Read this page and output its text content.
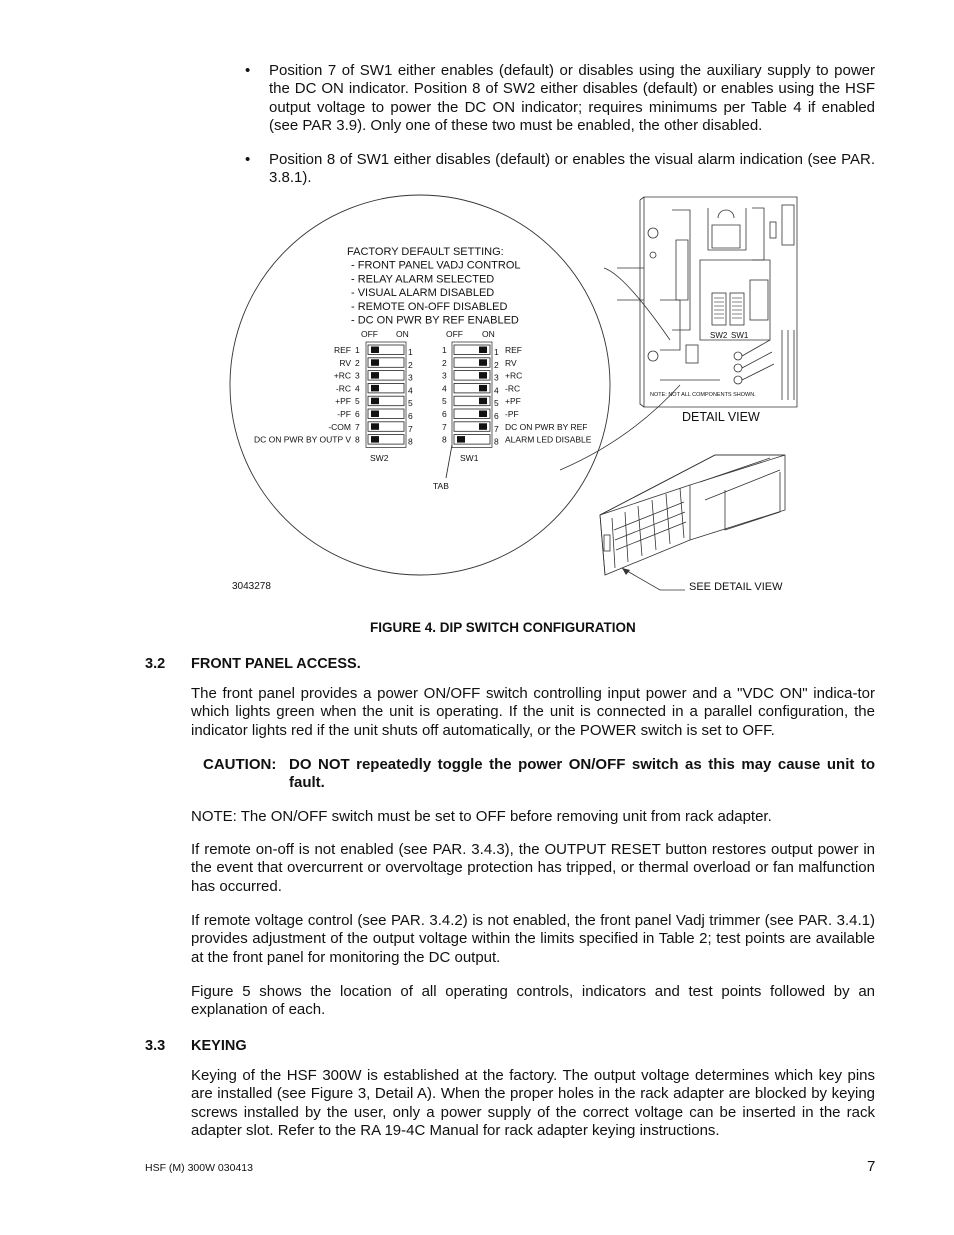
• Position 7 of SW1 either enables (default) or disables using the auxiliary supply to power the DC ON indicator. Position 8 of SW2 either disables (default) or enables using the HSF output voltage to power the DC ON indicator; requires minimums per Table 4 if enabled (see PAR 3.9). Only one of these two must be enabled, the other disabled.
• Position 8 of SW1 either disables (default) or enables the visual alarm indication (see PAR. 3.8.1).
FACTORY DEFAULT SETTING:
- FRONT PANEL VADJ CONTROL
- RELAY ALARM SELECTED
- VISUAL ALARM DISABLED
- REMOTE ON-OFF DISABLED
- DC ON PWR BY REF ENABLED
OFF ON	OFF ON
1	1
REF
2	2
RV
3	3
+RC
4	4
-RC
5	5
+PF
6	6
-PF
7	7
-COM
8	8
DC ON PWR BY OUTP V
1	1 REF
2	2 RV
3	3 +RC
4	4 -RC
5	5 +PF
6	6 -PF
7	7 DC ON PWR BY REF
8	8 ALARM LED DISABLE
SW2	SW1
TAB
3043278
SW2 SW1
NOTE: NOT ALL COMPONENTS SHOWN.
DETAIL VIEW
SEE DETAIL VIEW
FIGURE 4. DIP SWITCH CONFIGURATION
3.2 FRONT PANEL ACCESS.
The front panel provides a power ON/OFF switch controlling input power and a "VDC ON" indica-tor which lights green when the unit is operating. If the unit is connected in a parallel configuration, the indicator lights red if the unit shuts off automatically, or the POWER switch is set to OFF.
CAUTION: DO NOT repeatedly toggle the power ON/OFF switch as this may cause unit to fault.
NOTE: The ON/OFF switch must be set to OFF before removing unit from rack adapter.
If remote on-off is not enabled (see PAR. 3.4.3), the OUTPUT RESET button restores output power in the event that overcurrent or overvoltage protection has tripped, or thermal overload or fan malfunction has occurred.
If remote voltage control (see PAR. 3.4.2) is not enabled, the front panel Vadj trimmer (see PAR. 3.4.1) provides adjustment of the output voltage within the limits specified in Table 2; test points are available at the front panel for monitoring the DC output.
Figure 5 shows the location of all operating controls, indicators and test points followed by an explanation of each.
3.3 KEYING
Keying of the HSF 300W is established at the factory. The output voltage determines which key pins are installed (see Figure 3, Detail A). When the proper holes in the rack adapter are blocked by keying screws installed by the user, only a power supply of the correct voltage can be inserted in the rack adapter slot. Refer to the RA 19-4C Manual for rack adapter keying instructions.
HSF (M) 300W 030413	7
